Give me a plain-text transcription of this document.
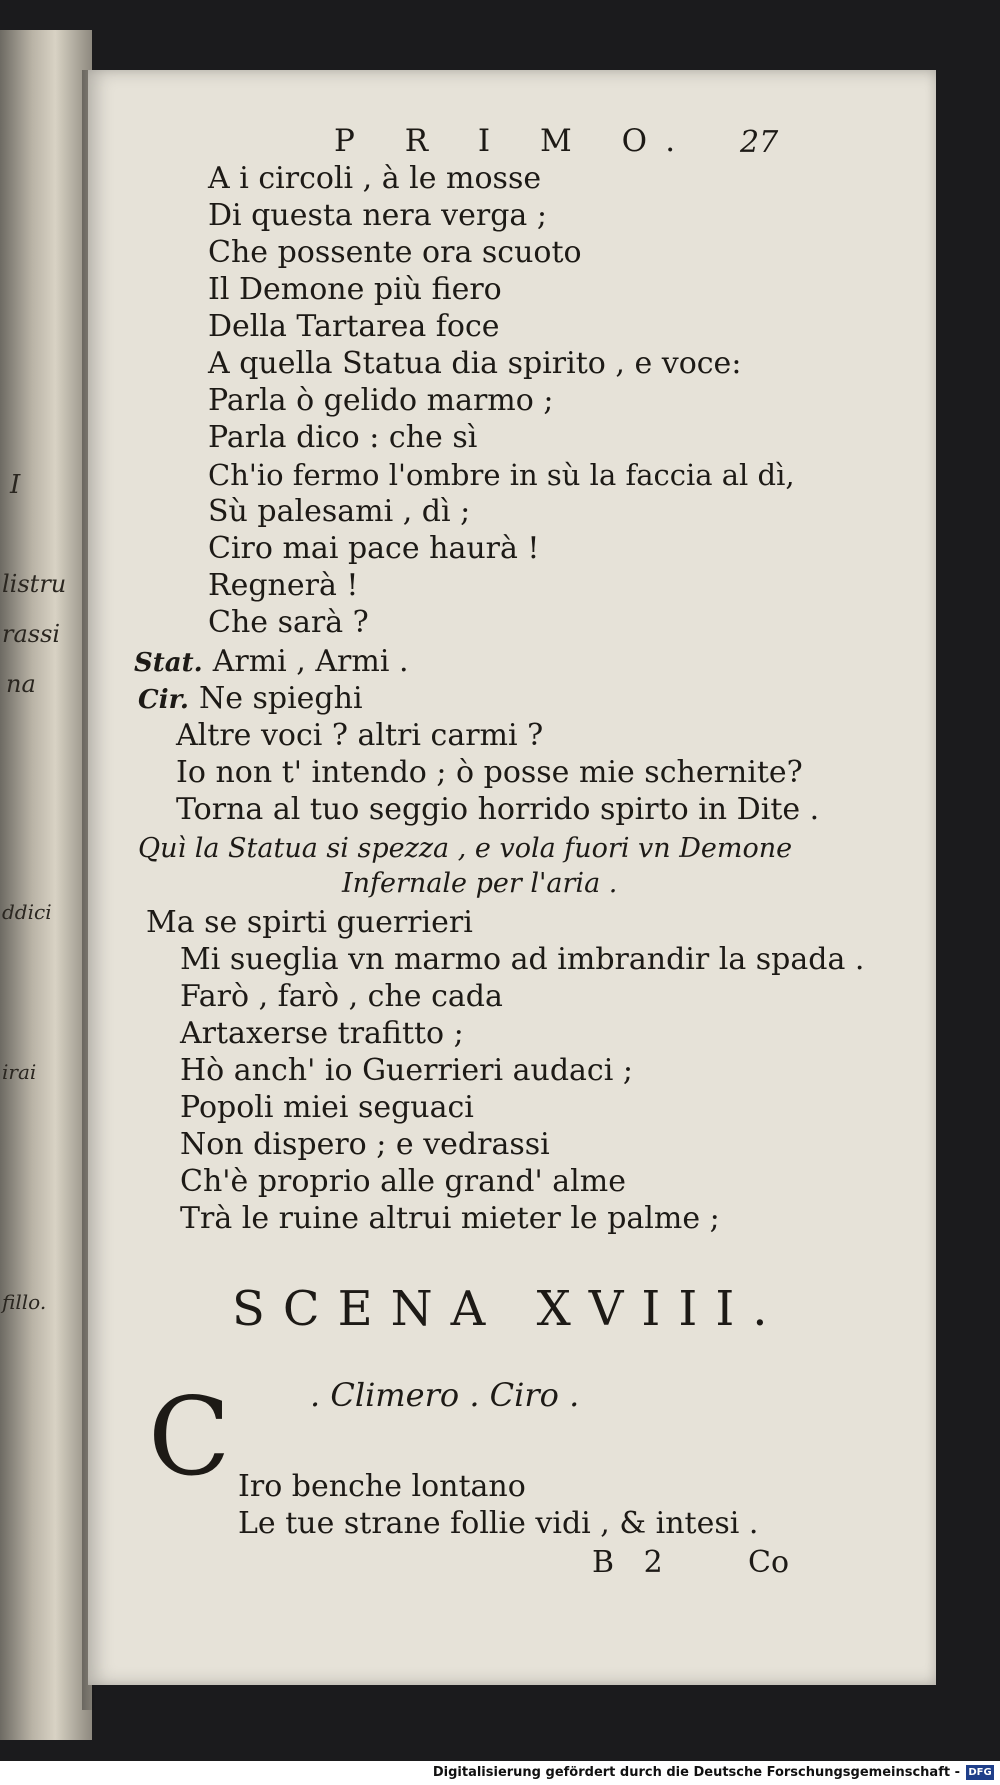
I
listru
rassi
na
ddici
irai
fillo.
P R I M O. 27
A i circoli , à le mosse
Di questa nera verga ;
Che possente ora scuoto
Il Demone più fiero
Della Tartarea foce
A quella Statua dia spirito , e voce:
Parla ò gelido marmo ;
Parla dico : che sì
Ch'io fermo l'ombre in sù la faccia al dì,
Sù palesami , dì ;
Ciro mai pace haurà !
Regnerà !
Che sarà ?
Stat. Armi , Armi .
Cir. Ne spieghi
Altre voci ? altri carmi ?
Io non t' intendo ; ò posse mie schernite?
Torna al tuo seggio horrido spirto in Dite .
Quì la Statua si spezza , e vola fuori vn Demone
Infernale per l'aria .
Ma se spirti guerrieri
Mi sueglia vn marmo ad imbrandir la spada .
Farò , farò , che cada
Artaxerse trafitto ;
Hò anch' io Guerrieri audaci ;
Popoli miei seguaci
Non dispero ; e vedrassi
Ch'è proprio alle grand' alme
Trà le ruine altrui mieter le palme ;
SCENA XVIII.
. Climero . Ciro .
Iro benche lontano
Le tue strane follie vidi , & intesi .
B 2	Co
C
Digitalisierung gefördert durch die Deutsche Forschungsgemeinschaft - DFG
